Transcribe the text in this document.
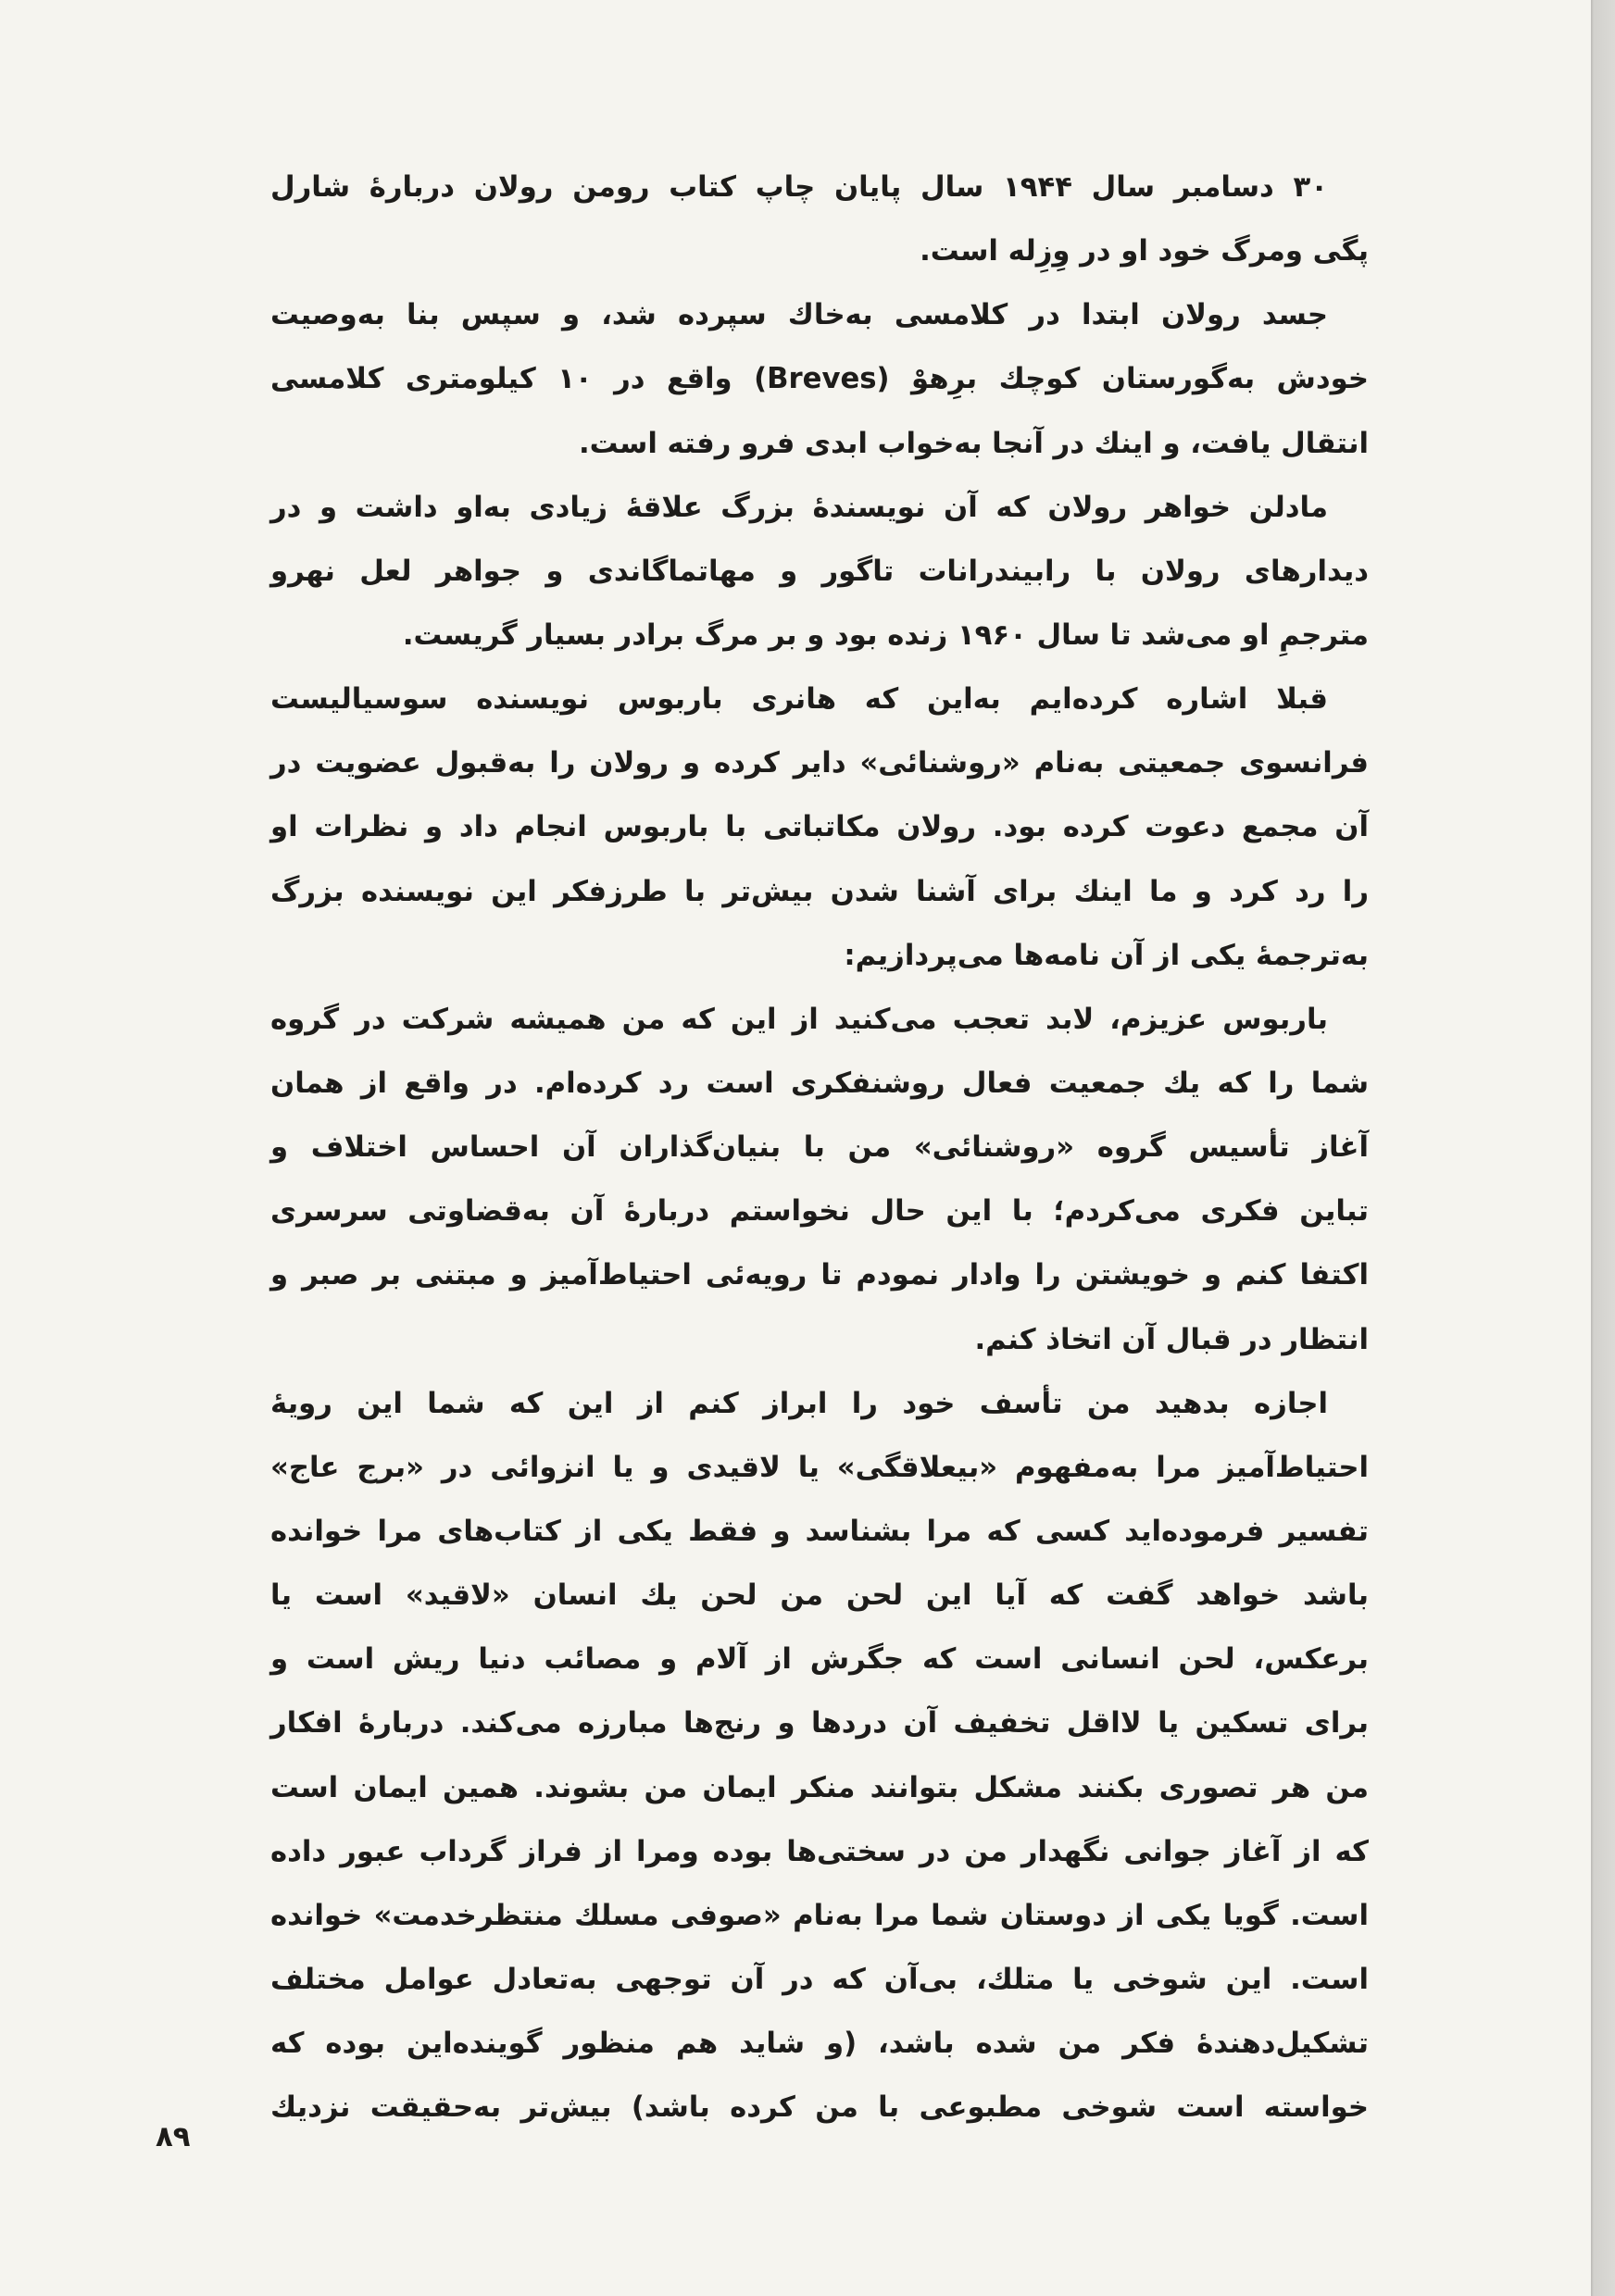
۳۰ دسامبر سال ۱۹۴۴ سال پایان چاپ کتاب رومن رولان دربارهٔ شارل
پگی ومرگ خود او در وِزِله است.
جسد رولان ابتدا در کلامسی به‌خاك سپرده شد، و سپس بنا به‌وصیت
خودش به‌گورستان کوچك برِهوْ (Breves) واقع در ۱۰ کیلومتری کلامسی
انتقال یافت، و اینك در آنجا به‌خواب ابدی فرو رفته است.
مادلن خواهر رولان که آن نویسندهٔ بزرگ علاقهٔ زیادی به‌او داشت و در
دیدارهای رولان با رابیندرانات تاگور و مهاتماگاندی و جواهر لعل نهرو
مترجمِ او می‌شد تا سال ۱۹۶۰ زنده بود و بر مرگ برادر بسیار گریست.
قبلا اشاره کرده‌ایم به‌این که هانری باربوس نویسنده سوسیالیست
فرانسوی جمعیتی به‌نام «روشنائی» دایر کرده و رولان را به‌قبول عضویت در
آن مجمع دعوت کرده بود. رولان مکاتباتی با باربوس انجام داد و نظرات او
را رد کرد و ما اینك برای آشنا شدن بیش‌تر با طرزفکر این نویسنده بزرگ
به‌ترجمهٔ یکی از آن نامه‌ها می‌پردازیم:
باربوس عزیزم، لابد تعجب می‌کنید از این که من همیشه شرکت در گروه
شما را که یك جمعیت فعال روشنفکری است رد کرده‌ام. در واقع از همان
آغاز تأسیس گروه «روشنائی» من با بنیان‌گذاران آن احساس اختلاف و
تباین فکری می‌کردم؛ با این حال نخواستم دربارهٔ آن به‌قضاوتی سرسری
اکتفا کنم و خویشتن را وادار نمودم تا رویه‌ئی احتیاط‌آمیز و مبتنی بر صبر و
انتظار در قبال آن اتخاذ کنم.
اجازه بدهید من تأسف خود را ابراز کنم از این که شما این رویهٔ
احتیاط‌آمیز مرا به‌مفهوم «بیعلاقگی» یا لاقیدی و یا انزوائی در «برج عاج»
تفسیر فرموده‌اید کسی که مرا بشناسد و فقط یکی از کتاب‌های مرا خوانده
باشد خواهد گفت که آیا این لحن من لحن یك انسان «لاقید» است یا
برعکس، لحن انسانی است که جگرش از آلام و مصائب دنیا ریش است و
برای تسکین یا لااقل تخفیف آن دردها و رنج‌ها مبارزه می‌کند. دربارهٔ افکار
من هر تصوری بکنند مشکل بتوانند منکر ایمان من بشوند. همین ایمان است
که از آغاز جوانی نگهدار من در سختی‌ها بوده ومرا از فراز گرداب عبور داده
است. گویا یکی از دوستان شما مرا به‌نام «صوفی مسلك منتظرخدمت» خوانده
است. این شوخی یا متلك، بی‌آن که در آن توجهی به‌تعادل عوامل مختلف
تشکیل‌دهندهٔ فکر من شده باشد، (و شاید هم منظور گوینده‌این بوده که
خواسته است شوخی مطبوعی با من کرده باشد) بیش‌تر به‌حقیقت نزدیك
۸۹
